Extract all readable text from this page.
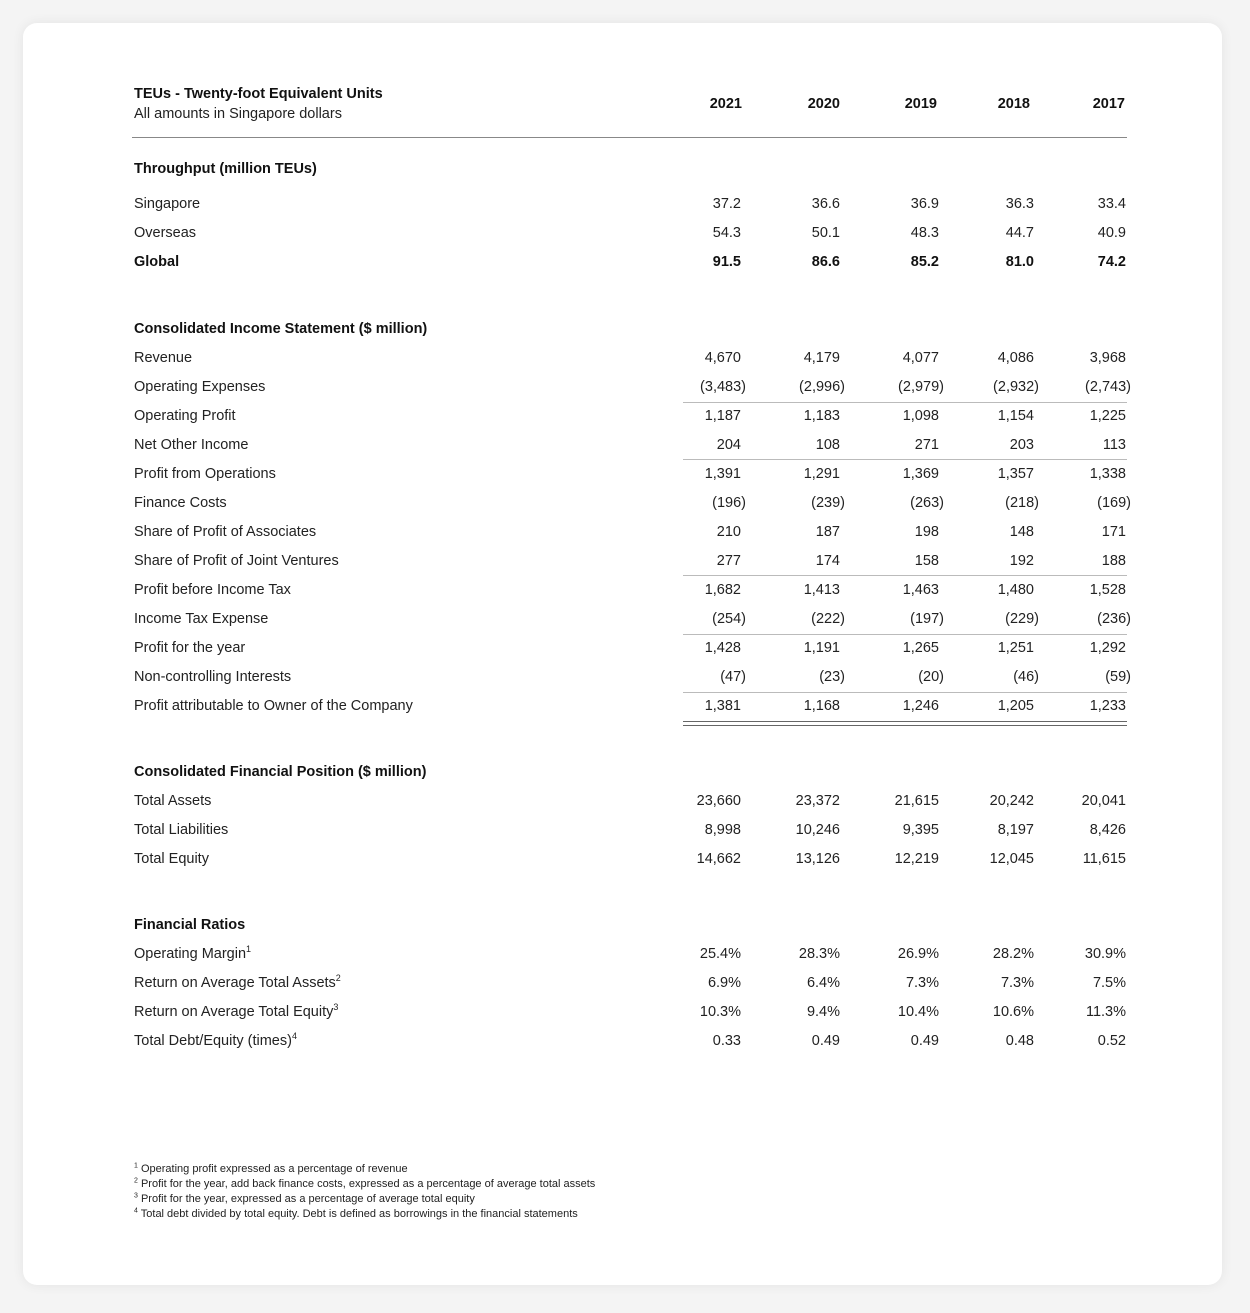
TEUs - Twenty-foot Equivalent Units
All amounts in Singapore dollars
2021	2020	2019	2018	2017
Throughput (million TEUs)
Singapore	37.2	36.6	36.9	36.3	33.4
Overseas	54.3	50.1	48.3	44.7	40.9
Global	91.5	86.6	85.2	81.0	74.2
Consolidated Income Statement ($ million)
Revenue	4,670	4,179	4,077	4,086	3,968
Operating Expenses	(3,483)	(2,996)	(2,979)	(2,932)	(2,743)
Operating Profit	1,187	1,183	1,098	1,154	1,225
Net Other Income	204	108	271	203	113
Profit from Operations	1,391	1,291	1,369	1,357	1,338
Finance Costs	(196)	(239)	(263)	(218)	(169)
Share of Profit of Associates	210	187	198	148	171
Share of Profit of Joint Ventures	277	174	158	192	188
Profit before Income Tax	1,682	1,413	1,463	1,480	1,528
Income Tax Expense	(254)	(222)	(197)	(229)	(236)
Profit for the year	1,428	1,191	1,265	1,251	1,292
Non-controlling Interests	(47)	(23)	(20)	(46)	(59)
Profit attributable to Owner of the Company	1,381	1,168	1,246	1,205	1,233
Consolidated Financial Position ($ million)
Total Assets	23,660	23,372	21,615	20,242	20,041
Total Liabilities	8,998	10,246	9,395	8,197	8,426
Total Equity	14,662	13,126	12,219	12,045	11,615
Financial Ratios
Operating Margin$^1$	25.4%	28.3%	26.9%	28.2%	30.9%
Return on Average Total Assets$^2$	6.9%	6.4%	7.3%	7.3%	7.5%
Return on Average Total Equity$^3$	10.3%	9.4%	10.4%	10.6%	11.3%
Total Debt/Equity (times)$^4$	0.33	0.49	0.49	0.48	0.52
$^1$ Operating profit expressed as a percentage of revenue
$^2$ Profit for the year, add back finance costs, expressed as a percentage of average total assets
$^3$ Profit for the year, expressed as a percentage of average total equity
$^4$ Total debt divided by total equity. Debt is defined as borrowings in the financial statements
